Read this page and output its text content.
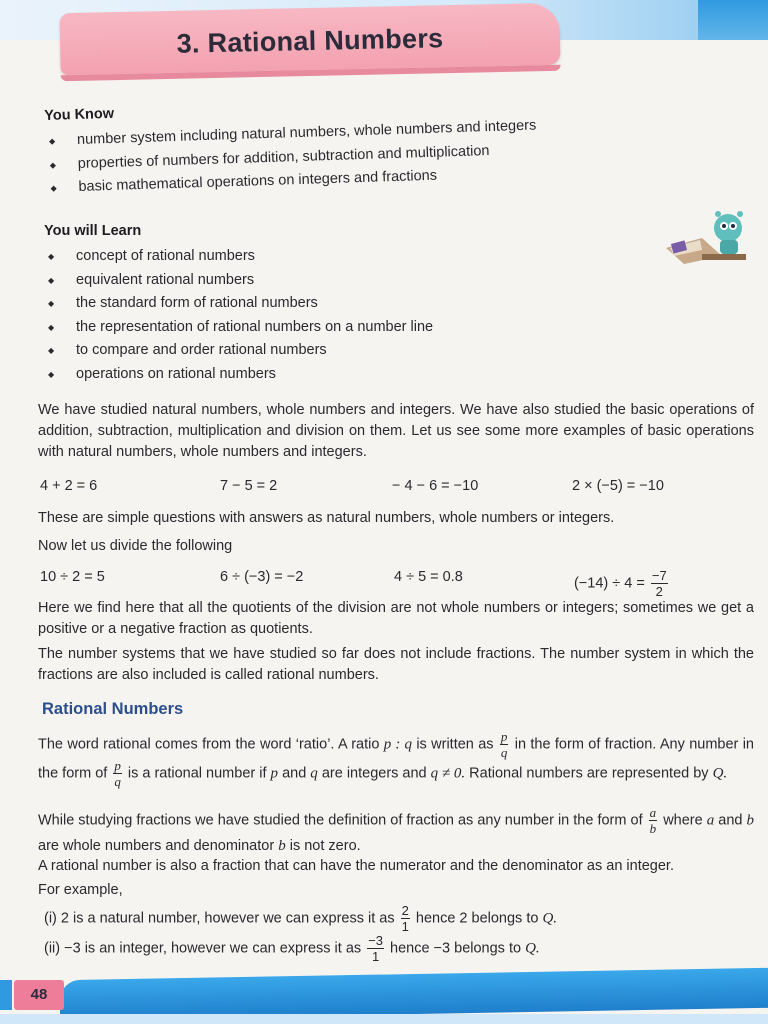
3. Rational Numbers
You Know
◆ number system including natural numbers, whole numbers and integers
◆ properties of numbers for addition, subtraction and multiplication
◆ basic mathematical operations on integers and fractions
You will Learn
◆ concept of rational numbers
◆ equivalent rational numbers
◆ the standard form of rational numbers
◆ the representation of rational numbers on a number line
◆ to compare and order rational numbers
◆ operations on rational numbers

We have studied natural numbers, whole numbers and integers. We have also studied the basic operations of addition, subtraction, multiplication and division on them. Let us see some more examples of basic operations with natural numbers, whole numbers and integers.

4 + 2 = 6	7 − 5 = 2	− 4 − 6 = −10	2 × (−5) = −10

These are simple questions with answers as natural numbers, whole numbers or integers.

Now let us divide the following

10 ÷ 2 = 5	6 ÷ (−3) = −2	4 ÷ 5 = 0.8	$(-14) \div 4 = \frac{-7}{2}$

Here we find here that all the quotients of the division are not whole numbers or integers; sometimes we get a positive or a negative fraction as quotients.

The number systems that we have studied so far does not include fractions. The number system in which the fractions are also included is called rational numbers.

Rational Numbers

The word rational comes from the word ‘ratio’. A ratio p : q is written as $\frac{p}{q}$ in the form of fraction. Any number in the form of $\frac{p}{q}$ is a rational number if p and q are integers and q ≠ 0. Rational numbers are represented by Q.

While studying fractions we have studied the definition of fraction as any number in the form of $\frac{a}{b}$ where a and b are whole numbers and denominator b is not zero.

A rational number is also a fraction that can have the numerator and the denominator as an integer.

For example,

(i) 2 is a natural number, however we can express it as $\frac{2}{1}$ hence 2 belongs to Q.

(ii) −3 is an integer, however we can express it as $\frac{-3}{1}$ hence −3 belongs to Q.

48
